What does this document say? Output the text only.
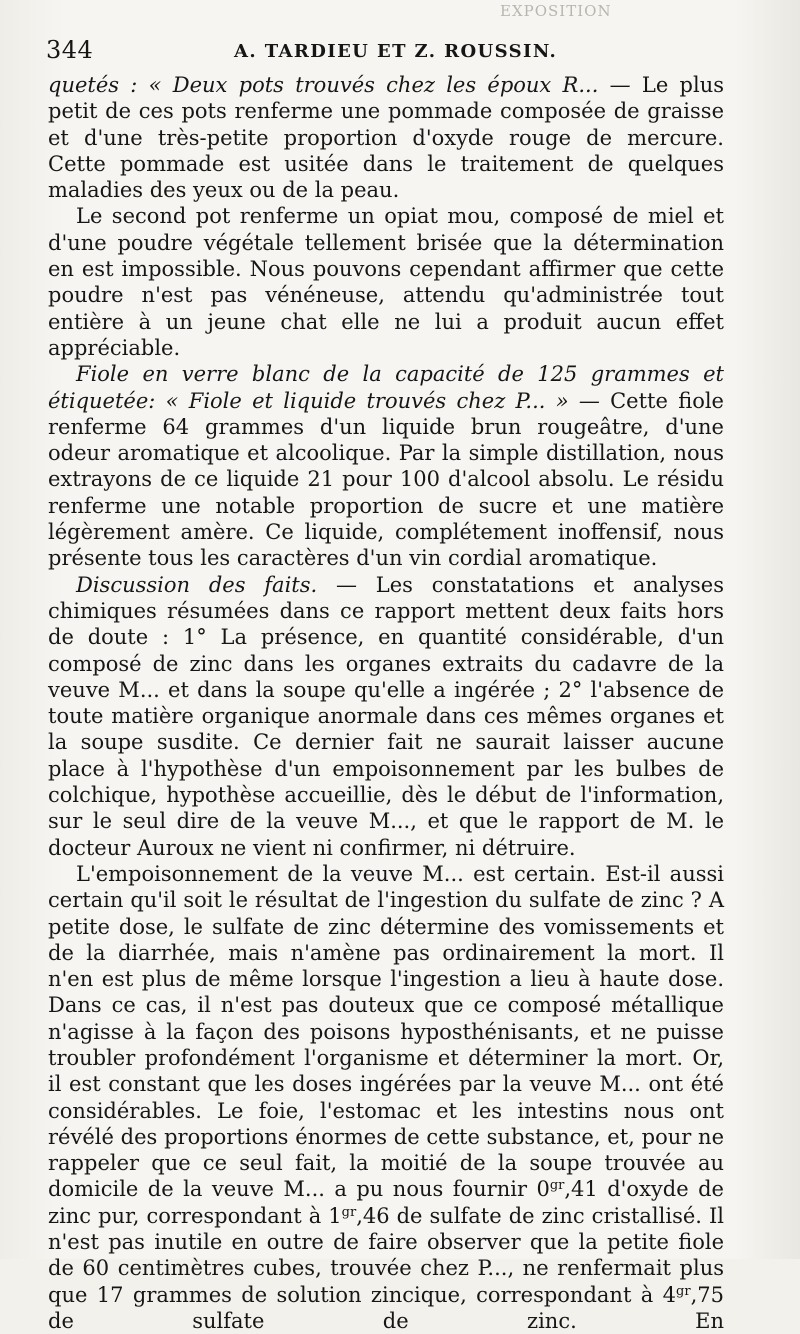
EXPOSITION
344	A. TARDIEU ET Z. ROUSSIN.

quetés : « Deux pots trouvés chez les époux R... — Le plus petit de ces pots renferme une pommade composée de graisse et d'une très-petite proportion d'oxyde rouge de mercure. Cette pommade est usitée dans le traitement de quelques maladies des yeux ou de la peau.

Le second pot renferme un opiat mou, composé de miel et d'une poudre végétale tellement brisée que la détermination en est impossible. Nous pouvons cependant affirmer que cette poudre n'est pas vénéneuse, attendu qu'administrée tout entière à un jeune chat elle ne lui a produit aucun effet appréciable.

Fiole en verre blanc de la capacité de 125 grammes et étiquetée: « Fiole et liquide trouvés chez P... » — Cette fiole renferme 64 grammes d'un liquide brun rougeâtre, d'une odeur aromatique et alcoolique. Par la simple distillation, nous extrayons de ce liquide 21 pour 100 d'alcool absolu. Le résidu renferme une notable proportion de sucre et une matière légèrement amère. Ce liquide, complétement inoffensif, nous présente tous les caractères d'un vin cordial aromatique.

Discussion des faits. — Les constatations et analyses chimiques résumées dans ce rapport mettent deux faits hors de doute : 1° La présence, en quantité considérable, d'un composé de zinc dans les organes extraits du cadavre de la veuve M... et dans la soupe qu'elle a ingérée ; 2° l'absence de toute matière organique anormale dans ces mêmes organes et la soupe susdite. Ce dernier fait ne saurait laisser aucune place à l'hypothèse d'un empoisonnement par les bulbes de colchique, hypothèse accueillie, dès le début de l'information, sur le seul dire de la veuve M..., et que le rapport de M. le docteur Auroux ne vient ni confirmer, ni détruire.

L'empoisonnement de la veuve M... est certain. Est-il aussi certain qu'il soit le résultat de l'ingestion du sulfate de zinc ? A petite dose, le sulfate de zinc détermine des vomissements et de la diarrhée, mais n'amène pas ordinairement la mort. Il n'en est plus de même lorsque l'ingestion a lieu à haute dose. Dans ce cas, il n'est pas douteux que ce composé métallique n'agisse à la façon des poisons hyposthénisants, et ne puisse troubler profondément l'organisme et déterminer la mort. Or, il est constant que les doses ingérées par la veuve M... ont été considérables. Le foie, l'estomac et les intestins nous ont révélé des proportions énormes de cette substance, et, pour ne rappeler que ce seul fait, la moitié de la soupe trouvée au domicile de la veuve M... a pu nous fournir $0^{gr},41$ d'oxyde de zinc pur, correspondant à $1^{gr},46$ de sulfate de zinc cristallisé. Il n'est pas inutile en outre de faire observer que la petite fiole de 60 centimètres cubes, trouvée chez P..., ne renfermait plus que 17 grammes de solution zincique, correspondant à $4^{gr},75$ de sulfate de zinc. En
